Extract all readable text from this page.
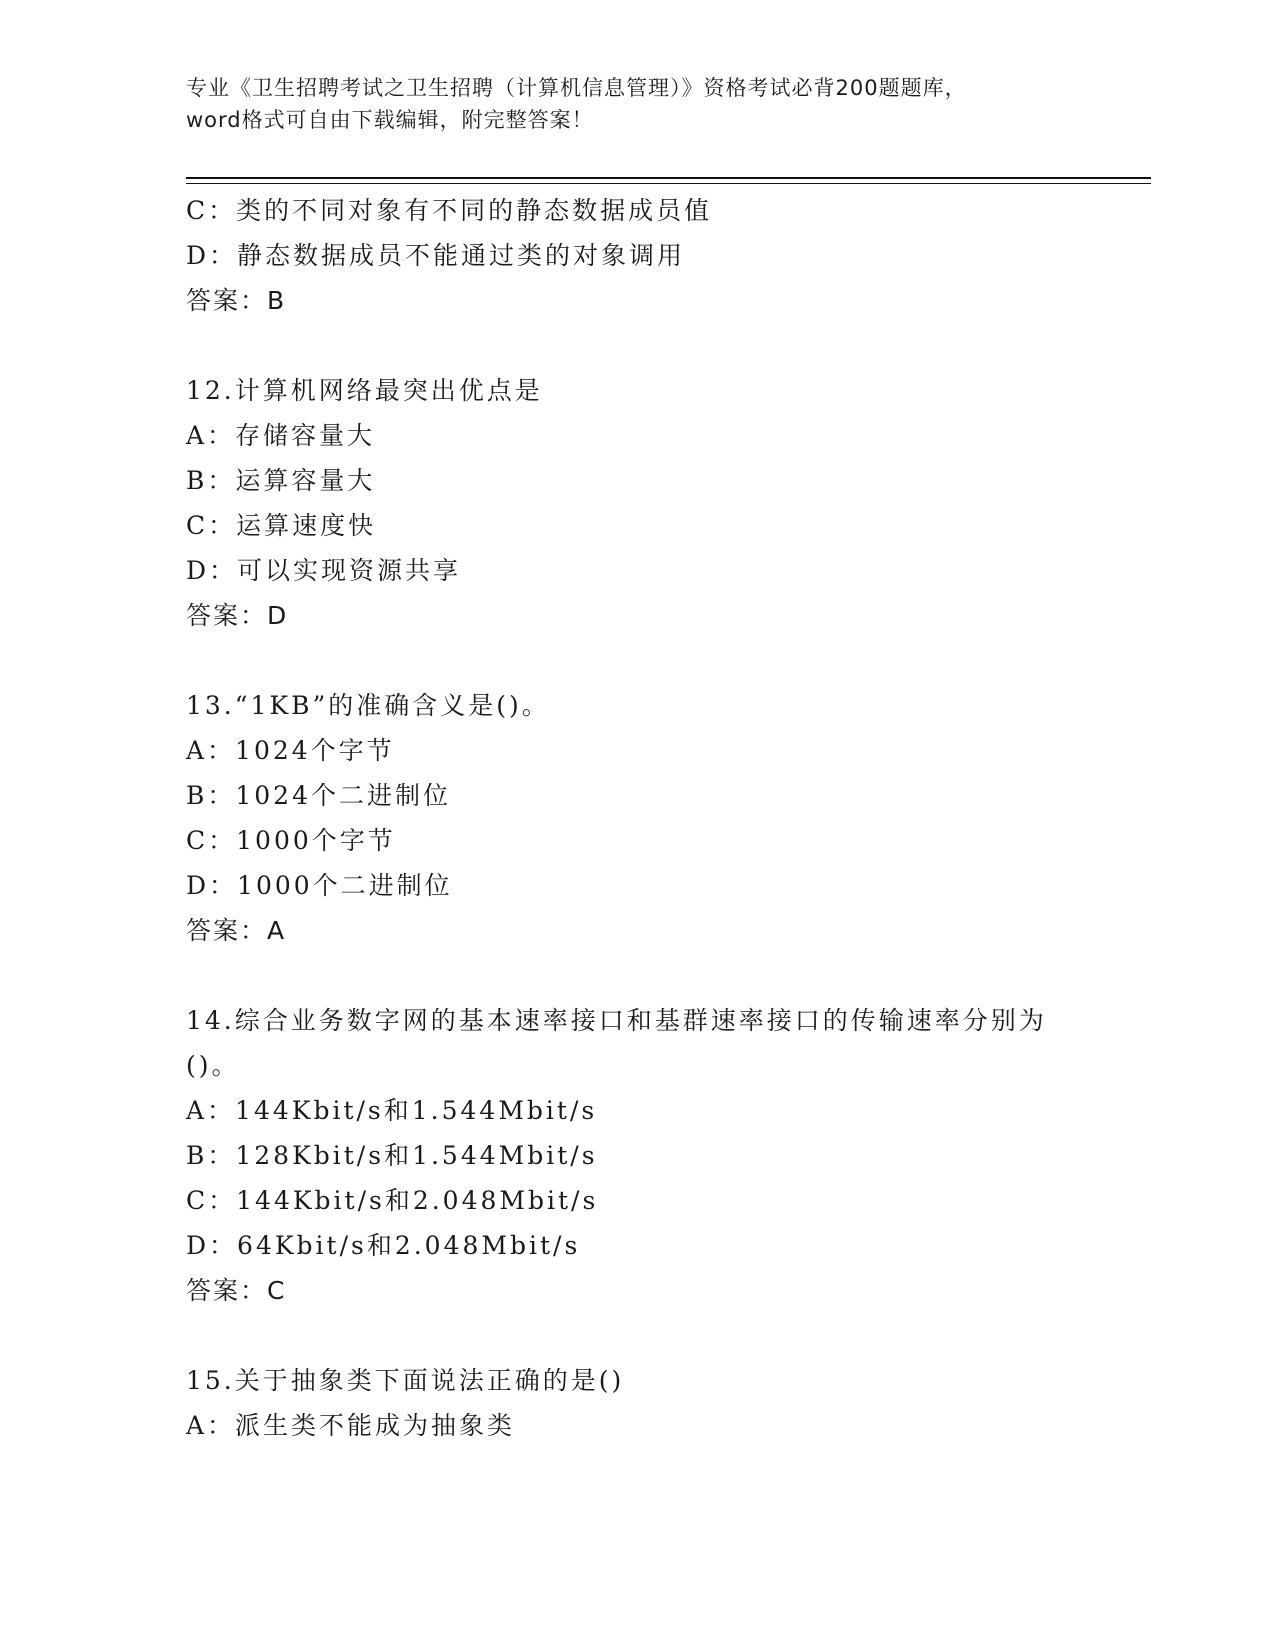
专业《卫生招聘考试之卫生招聘（计算机信息管理）》资格考试必背200题题库，
word格式可自由下载编辑，附完整答案！
C：类的不同对象有不同的静态数据成员值
D：静态数据成员不能通过类的对象调用
答案：B
12.计算机网络最突出优点是
A：存储容量大
B：运算容量大
C：运算速度快
D：可以实现资源共享
答案：D
13.“1KB”的准确含义是()。
A：1024个字节
B：1024个二进制位
C：1000个字节
D：1000个二进制位
答案：A
14.综合业务数字网的基本速率接口和基群速率接口的传输速率分别为
()。
A：144Kbit/s和1.544Mbit/s
B：128Kbit/s和1.544Mbit/s
C：144Kbit/s和2.048Mbit/s
D：64Kbit/s和2.048Mbit/s
答案：C
15.关于抽象类下面说法正确的是()
A：派生类不能成为抽象类
